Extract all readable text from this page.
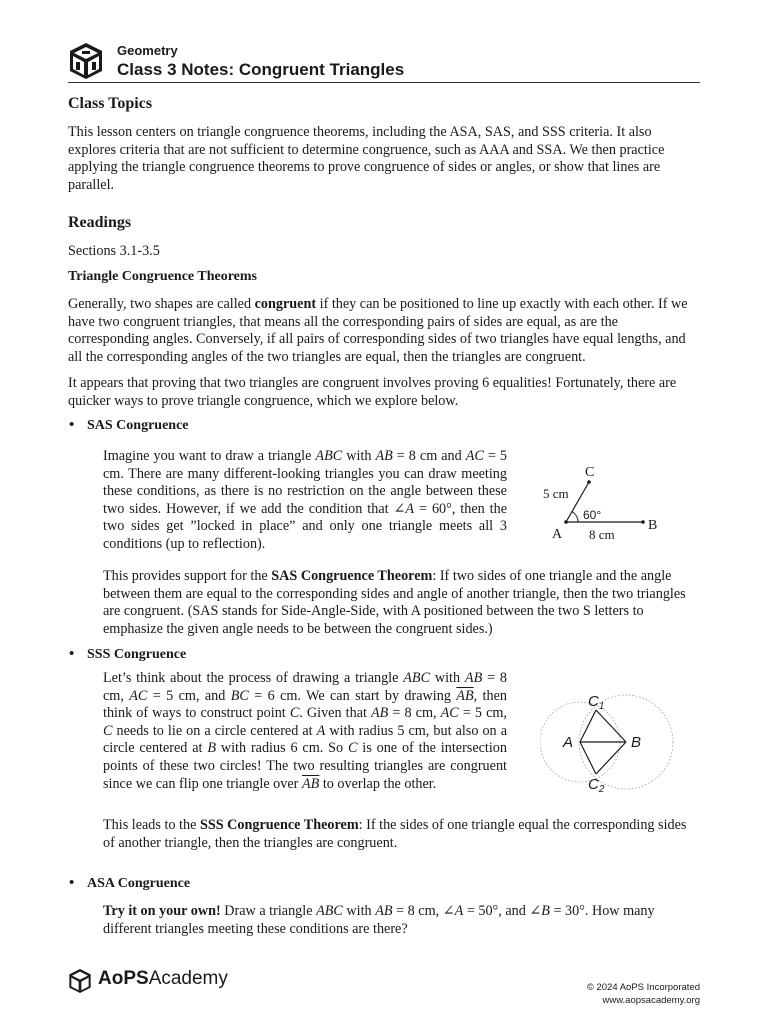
Geometry
Class 3 Notes: Congruent Triangles
Class Topics
This lesson centers on triangle congruence theorems, including the ASA, SAS, and SSS criteria. It also explores criteria that are not sufficient to determine congruence, such as AAA and SSA. We then practice applying the triangle congruence theorems to prove congruence of sides or angles, or show that lines are parallel.
Readings
Sections 3.1-3.5
Triangle Congruence Theorems
Generally, two shapes are called congruent if they can be positioned to line up exactly with each other. If we have two congruent triangles, that means all the corresponding pairs of sides are equal, as are the corresponding angles. Conversely, if all pairs of corresponding sides of two triangles have equal lengths, and all the corresponding angles of the two triangles are equal, then the triangles are congruent.
It appears that proving that two triangles are congruent involves proving 6 equalities! Fortunately, there are quicker ways to prove triangle congruence, which we explore below.
• SAS Congruence
Imagine you want to draw a triangle ABC with AB = 8 cm and AC = 5 cm. There are many different-looking triangles you can draw meeting these conditions, as there is no restriction on the angle between these two sides. However, if we add the condition that ∠A = 60°, then the two sides get ”locked in place” and only one triangle meets all 3 conditions (up to reflection).
C
A
B
5 cm
8 cm
60°
This provides support for the SAS Congruence Theorem: If two sides of one triangle and the angle between them are equal to the corresponding sides and angle of another triangle, then the two triangles are congruent. (SAS stands for Side-Angle-Side, with A positioned between the two S letters to emphasize the given angle needs to be between the congruent sides.)
• SSS Congruence
Let’s think about the process of drawing a triangle ABC with AB = 8 cm, AC = 5 cm, and BC = 6 cm. We can start by drawing $\overline{AB}$, then think of ways to construct point C. Given that AB = 8 cm, AC = 5 cm, C needs to lie on a circle centered at A with radius 5 cm, but also on a circle centered at B with radius 6 cm. So C is one of the intersection points of these two circles! The two resulting triangles are congruent since we can flip one triangle over $\overline{AB}$ to overlap the other.
$C_1$
$C_2$
A	B
This leads to the SSS Congruence Theorem: If the sides of one triangle equal the corresponding sides of another triangle, then the triangles are congruent.
• ASA Congruence
Try it on your own! Draw a triangle ABC with AB = 8 cm, ∠A = 50°, and ∠B = 30°. How many different triangles meeting these conditions are there?
AoPSAcademy	© 2024 AoPS Incorporated
www.aopsacademy.org
